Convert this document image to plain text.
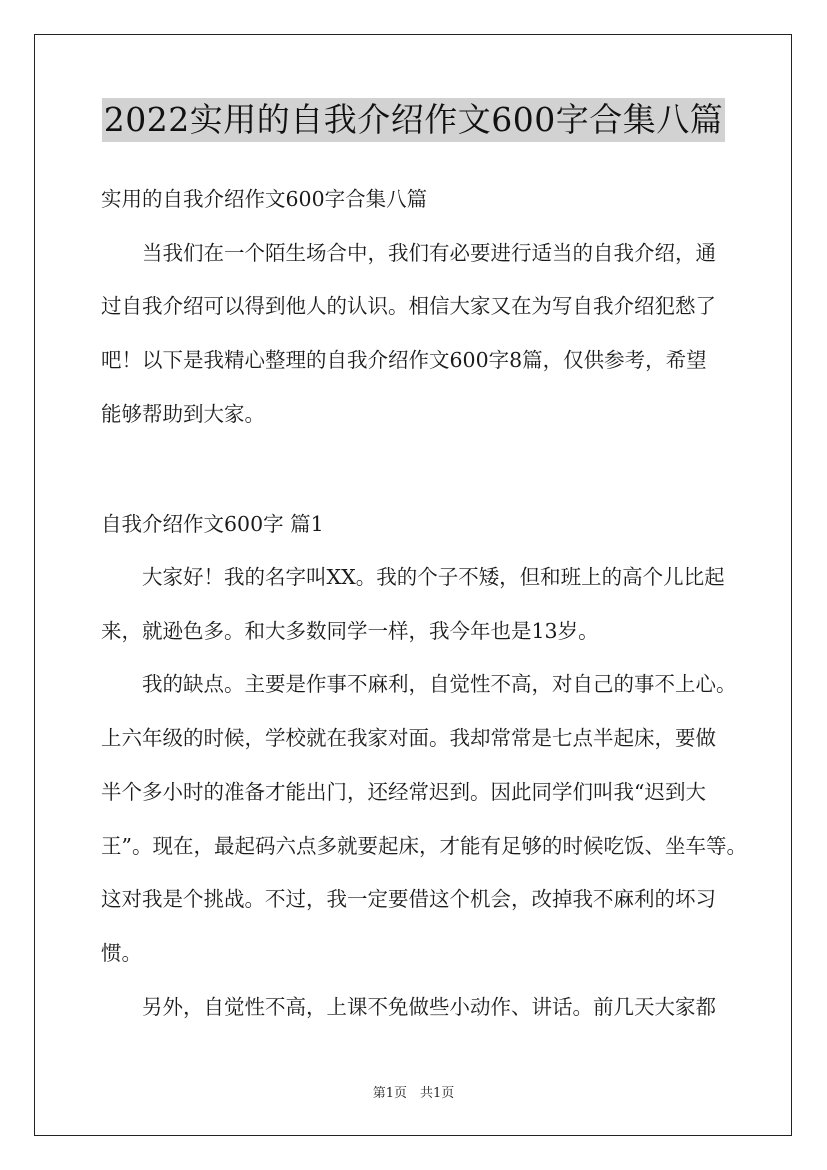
2022实用的自我介绍作文600字合集八篇
实用的自我介绍作文600字合集八篇
　　当我们在一个陌生场合中，我们有必要进行适当的自我介绍，通
过自我介绍可以得到他人的认识。相信大家又在为写自我介绍犯愁了
吧！以下是我精心整理的自我介绍作文600字8篇，仅供参考，希望
能够帮助到大家。
自我介绍作文600字 篇1
　　大家好！我的名字叫XX。我的个子不矮，但和班上的高个儿比起
来，就逊色多。和大多数同学一样，我今年也是13岁。
　　我的缺点。主要是作事不麻利，自觉性不高，对自己的事不上心。
上六年级的时候，学校就在我家对面。我却常常是七点半起床，要做
半个多小时的准备才能出门，还经常迟到。因此同学们叫我“迟到大
王”。现在，最起码六点多就要起床，才能有足够的时候吃饭、坐车等。
这对我是个挑战。不过，我一定要借这个机会，改掉我不麻利的坏习
惯。
　　另外，自觉性不高，上课不免做些小动作、讲话。前几天大家都
第1页　共1页
